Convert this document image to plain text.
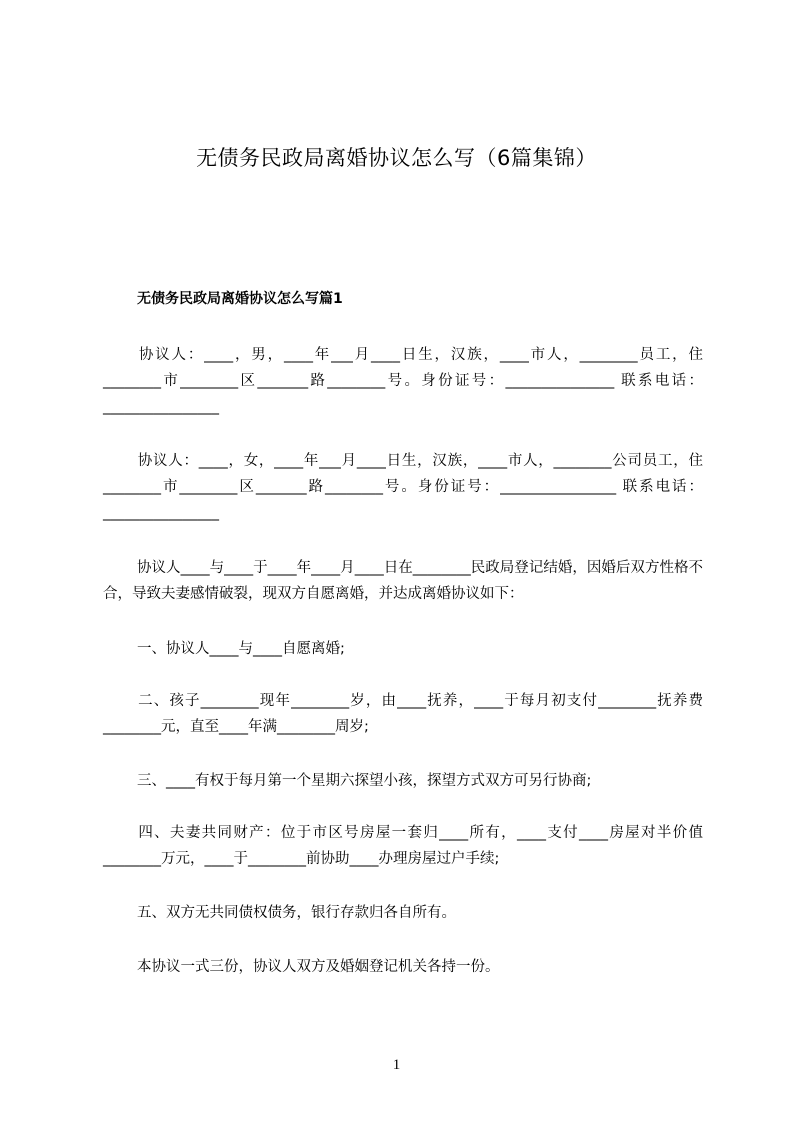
无债务民政局离婚协议怎么写（6篇集锦）
无债务民政局离婚协议怎么写篇1
协议人：____，男，____年___月____日生，汉族，____市人，________员工，住________市________区_______路________号。身份证号：_______________ 联系电话：________________
协议人：____，女，____年___月____日生，汉族，____市人，________公司员工，住________市________区_______路________号。身份证号：________________ 联系电话：________________
协议人____与____于____年____月____日在________民政局登记结婚，因婚后双方性格不合，导致夫妻感情破裂，现双方自愿离婚，并达成离婚协议如下：
一、协议人____与____自愿离婚;
二、孩子________现年________岁，由____抚养，____于每月初支付________抚养费________元，直至____年满________周岁;
三、____有权于每月第一个星期六探望小孩，探望方式双方可另行协商;
四、夫妻共同财产：位于市区号房屋一套归____所有，____支付____房屋对半价值________万元，____于________前协助____办理房屋过户手续;
五、双方无共同债权债务，银行存款归各自所有。
本协议一式三份，协议人双方及婚姻登记机关各持一份。
1
